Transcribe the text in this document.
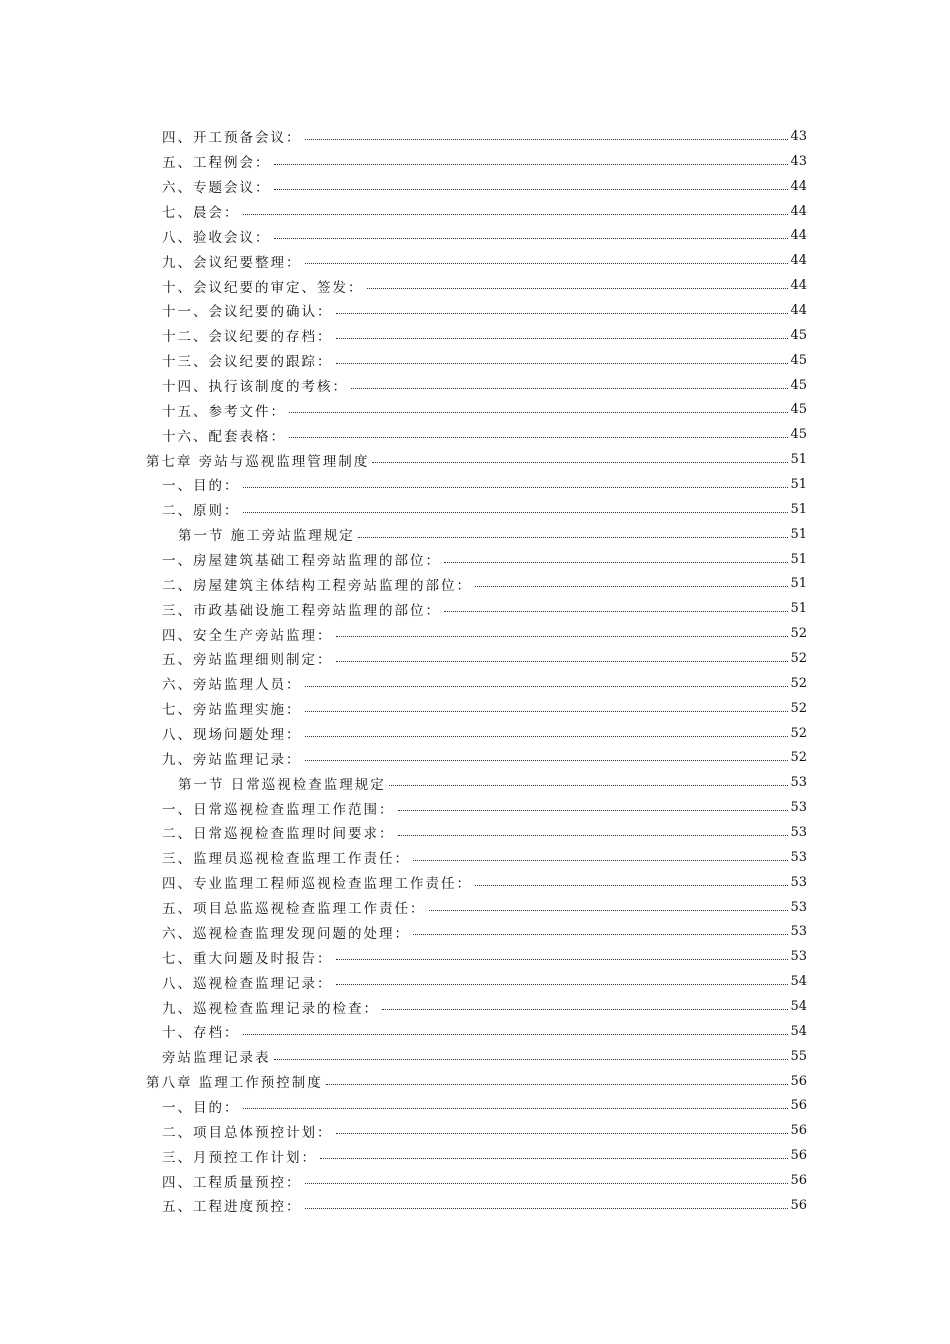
四、开工预备会议：	43
五、工程例会：	43
六、专题会议：	44
七、晨会：	44
八、验收会议：	44
九、会议纪要整理：	44
十、会议纪要的审定、签发：	44
十一、会议纪要的确认：	44
十二、会议纪要的存档：	45
十三、会议纪要的跟踪：	45
十四、执行该制度的考核：	45
十五、参考文件：	45
十六、配套表格：	45
第七章 旁站与巡视监理管理制度	51
一、目的：	51
二、原则：	51
第一节 施工旁站监理规定	51
一、房屋建筑基础工程旁站监理的部位：	51
二、房屋建筑主体结构工程旁站监理的部位：	51
三、市政基础设施工程旁站监理的部位：	51
四、安全生产旁站监理：	52
五、旁站监理细则制定：	52
六、旁站监理人员：	52
七、旁站监理实施：	52
八、现场问题处理：	52
九、旁站监理记录：	52
第一节 日常巡视检查监理规定	53
一、日常巡视检查监理工作范围：	53
二、日常巡视检查监理时间要求：	53
三、监理员巡视检查监理工作责任：	53
四、专业监理工程师巡视检查监理工作责任：	53
五、项目总监巡视检查监理工作责任：	53
六、巡视检查监理发现问题的处理：	53
七、重大问题及时报告：	53
八、巡视检查监理记录：	54
九、巡视检查监理记录的检查：	54
十、存档：	54
旁站监理记录表	55
第八章 监理工作预控制度	56
一、目的：	56
二、项目总体预控计划：	56
三、月预控工作计划：	56
四、工程质量预控：	56
五、工程进度预控：	56
